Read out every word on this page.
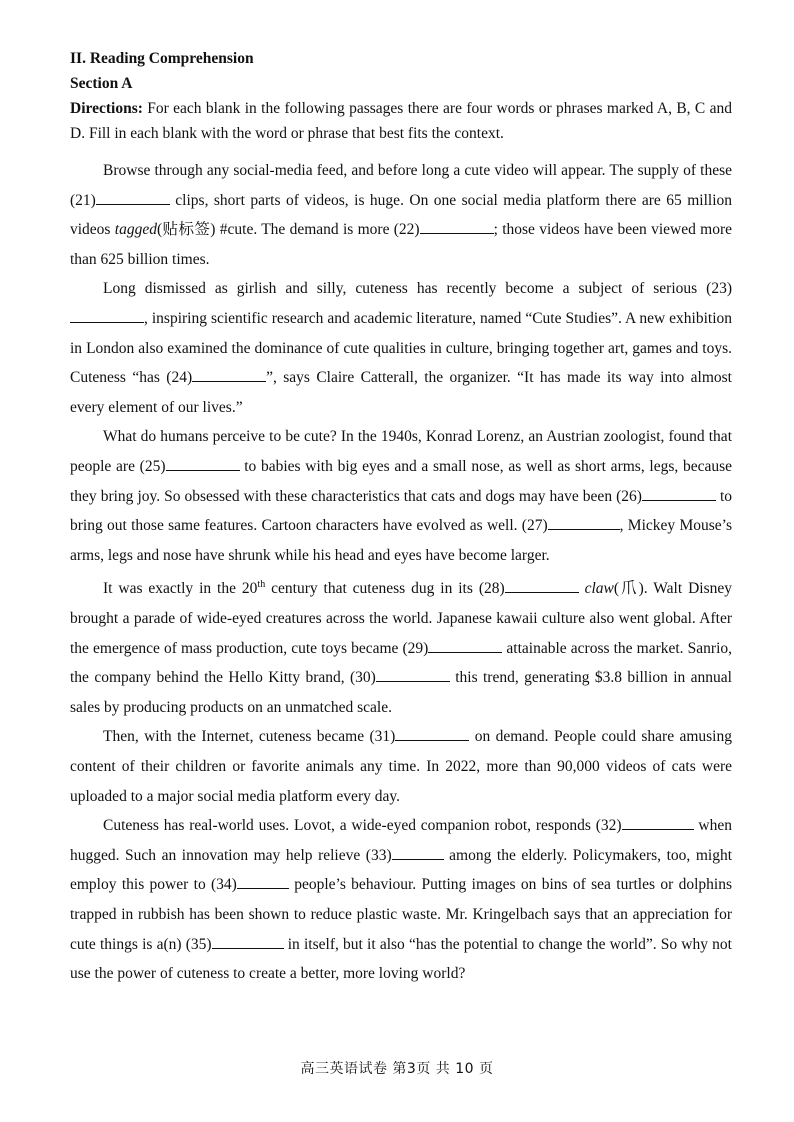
II. Reading Comprehension

Section A

Directions: For each blank in the following passages there are four words or phrases marked A, B, C and D. Fill in each blank with the word or phrase that best fits the context.

Browse through any social-media feed, and before long a cute video will appear. The supply of these (21)	clips, short parts of videos, is huge. On one social media platform there are 65 million videos tagged(贴标签) #cute. The demand is more (22)	; those videos have been viewed more than 625 billion times.

Long dismissed as girlish and silly, cuteness has recently become a subject of serious (23), inspiring scientific research and academic literature, named “Cute Studies”. A new exhibition in London also examined the dominance of cute qualities in culture, bringing together art, games and toys. Cuteness “has (24)	”, says Claire Catterall, the organizer. “It has made its way into almost every element of our lives.”

What do humans perceive to be cute? In the 1940s, Konrad Lorenz, an Austrian zoologist, found that people are (25)	to babies with big eyes and a small nose, as well as short arms, legs, because they bring joy. So obsessed with these characteristics that cats and dogs may have been (26)	to bring out those same features. Cartoon characters have evolved as well. (27)	, Mickey Mouse’s arms, legs and nose have shrunk while his head and eyes have become larger.

It was exactly in the 20th century that cuteness dug in its (28)	claw(爪). Walt Disney brought a parade of wide-eyed creatures across the world. Japanese kawaii culture also went global. After the emergence of mass production, cute toys became (29)	attainable across the market. Sanrio, the company behind the Hello Kitty brand, (30)	this trend, generating $3.8 billion in annual sales by producing products on an unmatched scale.

Then, with the Internet, cuteness became (31)	on demand. People could share amusing content of their children or favorite animals any time. In 2022, more than 90,000 videos of cats were uploaded to a major social media platform every day.

Cuteness has real-world uses. Lovot, a wide-eyed companion robot, responds (32)	when hugged. Such an innovation may help relieve (33)	among the elderly. Policymakers, too, might employ this power to (34)	people’s behaviour. Putting images on bins of sea turtles or dolphins trapped in rubbish has been shown to reduce plastic waste. Mr. Kringelbach says that an appreciation for cute things is a(n) (35)	in itself, but it also “has the potential to change the world”. So why not use the power of cuteness to create a better, more loving world?

高三英语试卷 第3页 共 10 页
